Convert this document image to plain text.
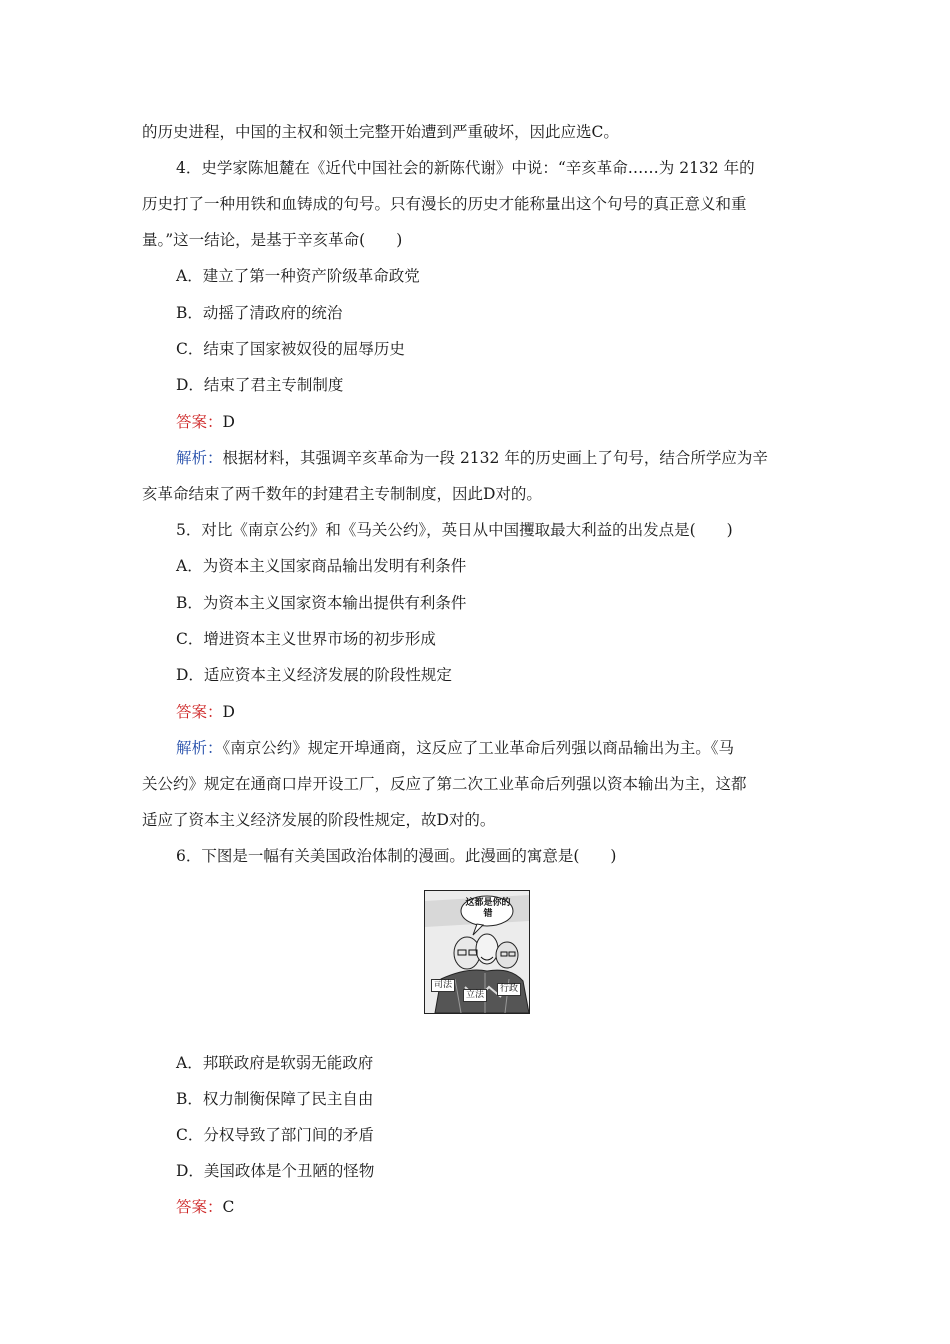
的历史进程，中国的主权和领土完整开始遭到严重破坏，因此应选C。
4．史学家陈旭麓在《近代中国社会的新陈代谢》中说：“辛亥革命……为 2132 年的
历史打了一种用铁和血铸成的句号。只有漫长的历史才能称量出这个句号的真正意义和重
量。”这一结论，是基于辛亥革命(　　)
A．建立了第一种资产阶级革命政党
B．动摇了清政府的统治
C．结束了国家被奴役的屈辱历史
D．结束了君主专制制度
答案：D
解析：根据材料，其强调辛亥革命为一段 2132 年的历史画上了句号，结合所学应为辛
亥革命结束了两千数年的封建君主专制制度，因此D对的。
5．对比《南京公约》和《马关公约》，英日从中国攫取最大利益的出发点是(　　)
A．为资本主义国家商品输出发明有利条件
B．为资本主义国家资本输出提供有利条件
C．增进资本主义世界市场的初步形成
D．适应资本主义经济发展的阶段性规定
答案：D
解析：《南京公约》规定开埠通商，这反应了工业革命后列强以商品输出为主。《马
关公约》规定在通商口岸开设工厂，反应了第二次工业革命后列强以资本输出为主，这都
适应了资本主义经济发展的阶段性规定，故D对的。
6．下图是一幅有关美国政治体制的漫画。此漫画的寓意是(　　)
这都是你的错
司法
立法
行政
A．邦联政府是软弱无能政府
B．权力制衡保障了民主自由
C．分权导致了部门间的矛盾
D．美国政体是个丑陋的怪物
答案：C
